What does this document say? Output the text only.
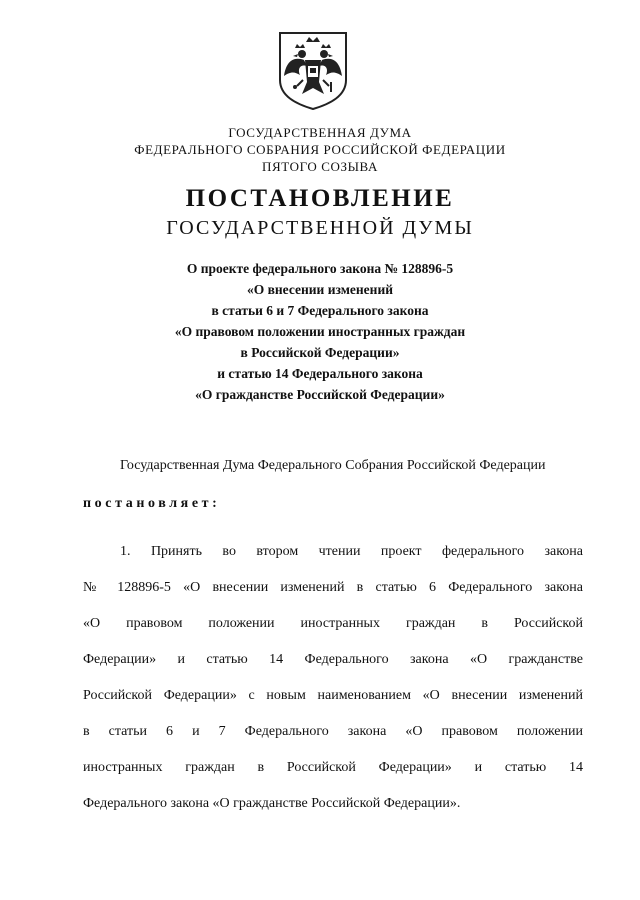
ГОСУДАРСТВЕННАЯ ДУМА
ФЕДЕРАЛЬНОГО СОБРАНИЯ РОССИЙСКОЙ ФЕДЕРАЦИИ
ПЯТОГО СОЗЫВА
ПОСТАНОВЛЕНИЕ
ГОСУДАРСТВЕННОЙ ДУМЫ
О проекте федерального закона № 128896-5
«О внесении изменений
в статьи 6 и 7 Федерального закона
«О правовом положении иностранных граждан
в Российской Федерации»
и статью 14 Федерального закона
«О гражданстве Российской Федерации»
Государственная Дума Федерального Собрания Российской Федерации
постановляет:
1. Принять во втором чтении проект федерального закона
№ 128896-5 «О внесении изменений в статью 6 Федерального закона
«О правовом положении иностранных граждан в Российской
Федерации» и статью 14 Федерального закона «О гражданстве
Российской Федерации» с новым наименованием «О внесении изменений
в статьи 6 и 7 Федерального закона «О правовом положении
иностранных граждан в Российской Федерации» и статью 14
Федерального закона «О гражданстве Российской Федерации».
